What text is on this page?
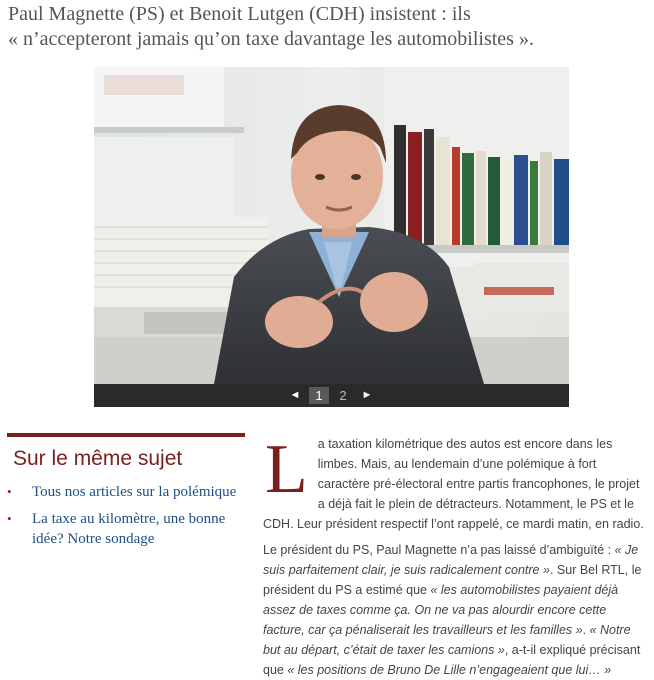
Paul Magnette (PS) et Benoit Lutgen (CDH) insistent : ils
« n’accepteront jamais qu’on taxe davantage les automobilistes ».
◄	1	2	►
Sur le même sujet
• Tous nos articles sur la polémique
• La taxe au kilomètre, une bonne idée? Notre sondage

La taxation kilométrique des autos est encore dans les limbes. Mais, au lendemain d’une polémique à fort caractère pré-électoral entre partis francophones, le projet a déjà fait le plein de détracteurs. Notamment, le PS et le CDH. Leur président respectif l’ont rappelé, ce mardi matin, en radio.

Le président du PS, Paul Magnette n’a pas laissé d’ambiguïté : « Je suis parfaitement clair, je suis radicalement contre ». Sur Bel RTL, le président du PS a estimé que « les automobilistes payaient déjà assez de taxes comme ça. On ne va pas alourdir encore cette facture, car ça pénaliserait les travailleurs et les familles ». « Notre but au départ, c’était de taxer les camions », a-t-il expliqué précisant que « les positions de Bruno De Lille n’engageaient que lui… »
